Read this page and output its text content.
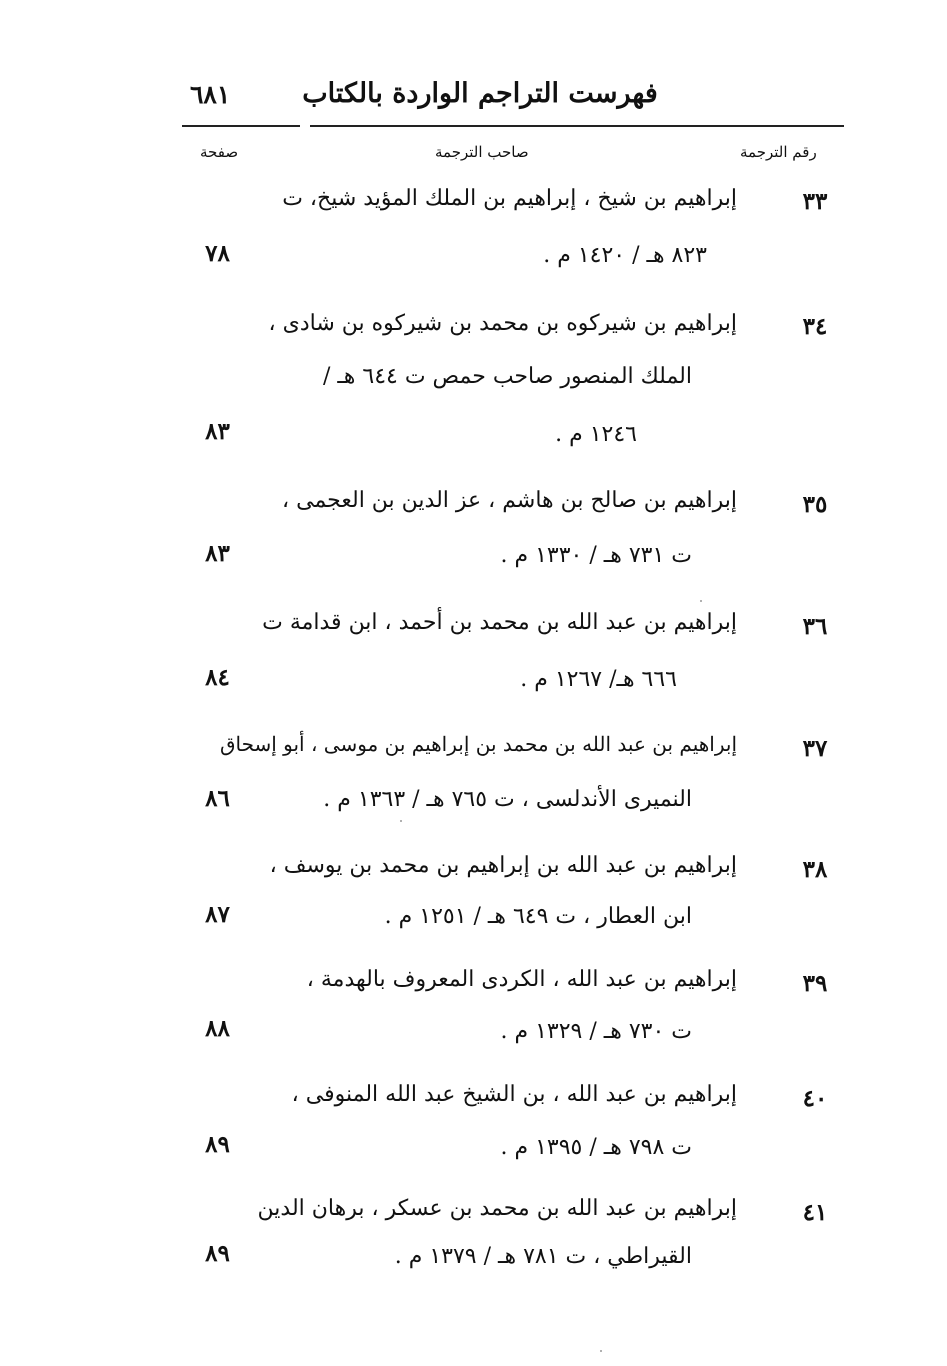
فهرست التراجم الواردة بالكتاب
٦٨١
رقم الترجمة
صاحب الترجمة
صفحة
٣٣
إبراهيم بن شيخ ، إبراهيم بن الملك المؤيد شيخ، ت
٨٢٣ هـ / ١٤٢٠ م .
٧٨
٣٤
إبراهيم بن شيركوه بن محمد بن شيركوه بن شادى ،
الملك المنصور صاحب حمص ت ٦٤٤ هـ /
١٢٤٦ م .
٨٣
٣٥
إبراهيم بن صالح بن هاشم ، عز الدين بن العجمى ،
ت ٧٣١ هـ / ١٣٣٠ م .
٨٣
٣٦
إبراهيم بن عبد الله بن محمد بن أحمد ، ابن قدامة ت
٦٦٦ هـ/ ١٢٦٧ م .
٨٤
٣٧
إبراهيم بن عبد الله بن محمد بن إبراهيم بن موسى ، أبو إسحاق
النميرى الأندلسى ، ت ٧٦٥ هـ / ١٣٦٣ م .
٨٦
٣٨
إبراهيم بن عبد الله بن إبراهيم بن محمد بن يوسف ،
ابن العطار ، ت ٦٤٩ هـ / ١٢٥١ م .
٨٧
٣٩
إبراهيم بن عبد الله ، الكردى المعروف بالهدمة ،
ت ٧٣٠ هـ / ١٣٢٩ م .
٨٨
٤٠
إبراهيم بن عبد الله ، بن الشيخ عبد الله المنوفى ،
ت ٧٩٨ هـ / ١٣٩٥ م .
٨٩
٤١
إبراهيم بن عبد الله بن محمد بن عسكر ، برهان الدين
القيراطي ، ت ٧٨١ هـ / ١٣٧٩ م .
٨٩
